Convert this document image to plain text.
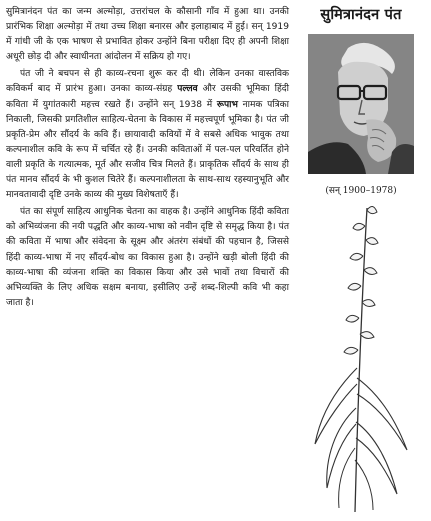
सुमित्रानंदन पंत का जन्म अल्मोड़ा, उत्तरांचल के कौसानी गाँव में हुआ था। उनकी प्रारंभिक शिक्षा अल्मोड़ा में तथा उच्च शिक्षा बनारस और इलाहाबाद में हुई। सन् 1919 में गांधी जी के एक भाषण से प्रभावित होकर उन्होंने बिना परीक्षा दिए ही अपनी शिक्षा अधूरी छोड़ दी और स्वाधीनता आंदोलन में सक्रिय हो गए।

पंत जी ने बचपन से ही काव्य-रचना शुरू कर दी थी। लेकिन उनका वास्तविक कविकर्म बाद में प्रारंभ हुआ। उनका काव्य-संग्रह पल्लव और उसकी भूमिका हिंदी कविता में युगांतकारी महत्त्व रखते हैं। उन्होंने सन् 1938 में रूपाभ नामक पत्रिका निकाली, जिसकी प्रगतिशील साहित्य-चेतना के विकास में महत्त्वपूर्ण भूमिका है। पंत जी प्रकृति-प्रेम और सौंदर्य के कवि हैं। छायावादी कवियों में वे सबसे अधिक भावुक तथा कल्पनाशील कवि के रूप में चर्चित रहे हैं। उनकी कविताओं में पल-पल परिवर्तित होने वाली प्रकृति के गत्यात्मक, मूर्त और सजीव चित्र मिलते हैं। प्राकृतिक सौंदर्य के साथ ही पंत मानव सौंदर्य के भी कुशल चितेरे हैं। कल्पनाशीलता के साथ-साथ रहस्यानुभूति और मानवतावादी दृष्टि उनके काव्य की मुख्य विशेषताएँ हैं।

पंत का संपूर्ण साहित्य आधुनिक चेतना का वाहक है। उन्होंने आधुनिक हिंदी कविता को अभिव्यंजना की नयी पद्धति और काव्य-भाषा को नवीन दृष्टि से समृद्ध किया है। पंत की कविता में भाषा और संवेदना के सूक्ष्म और अंतरंग संबंधों की पहचान है, जिससे हिंदी काव्य-भाषा में नए सौंदर्य-बोध का विकास हुआ है। उन्होंने खड़ी बोली हिंदी की काव्य-भाषा की व्यंजना शक्ति का विकास किया और उसे भावों तथा विचारों की अभिव्यक्ति के लिए अधिक सक्षम बनाया, इसीलिए उन्हें शब्द-शिल्पी कवि भी कहा जाता है।

सुमित्रानंदन पंत
(सन् 1900–1978)
